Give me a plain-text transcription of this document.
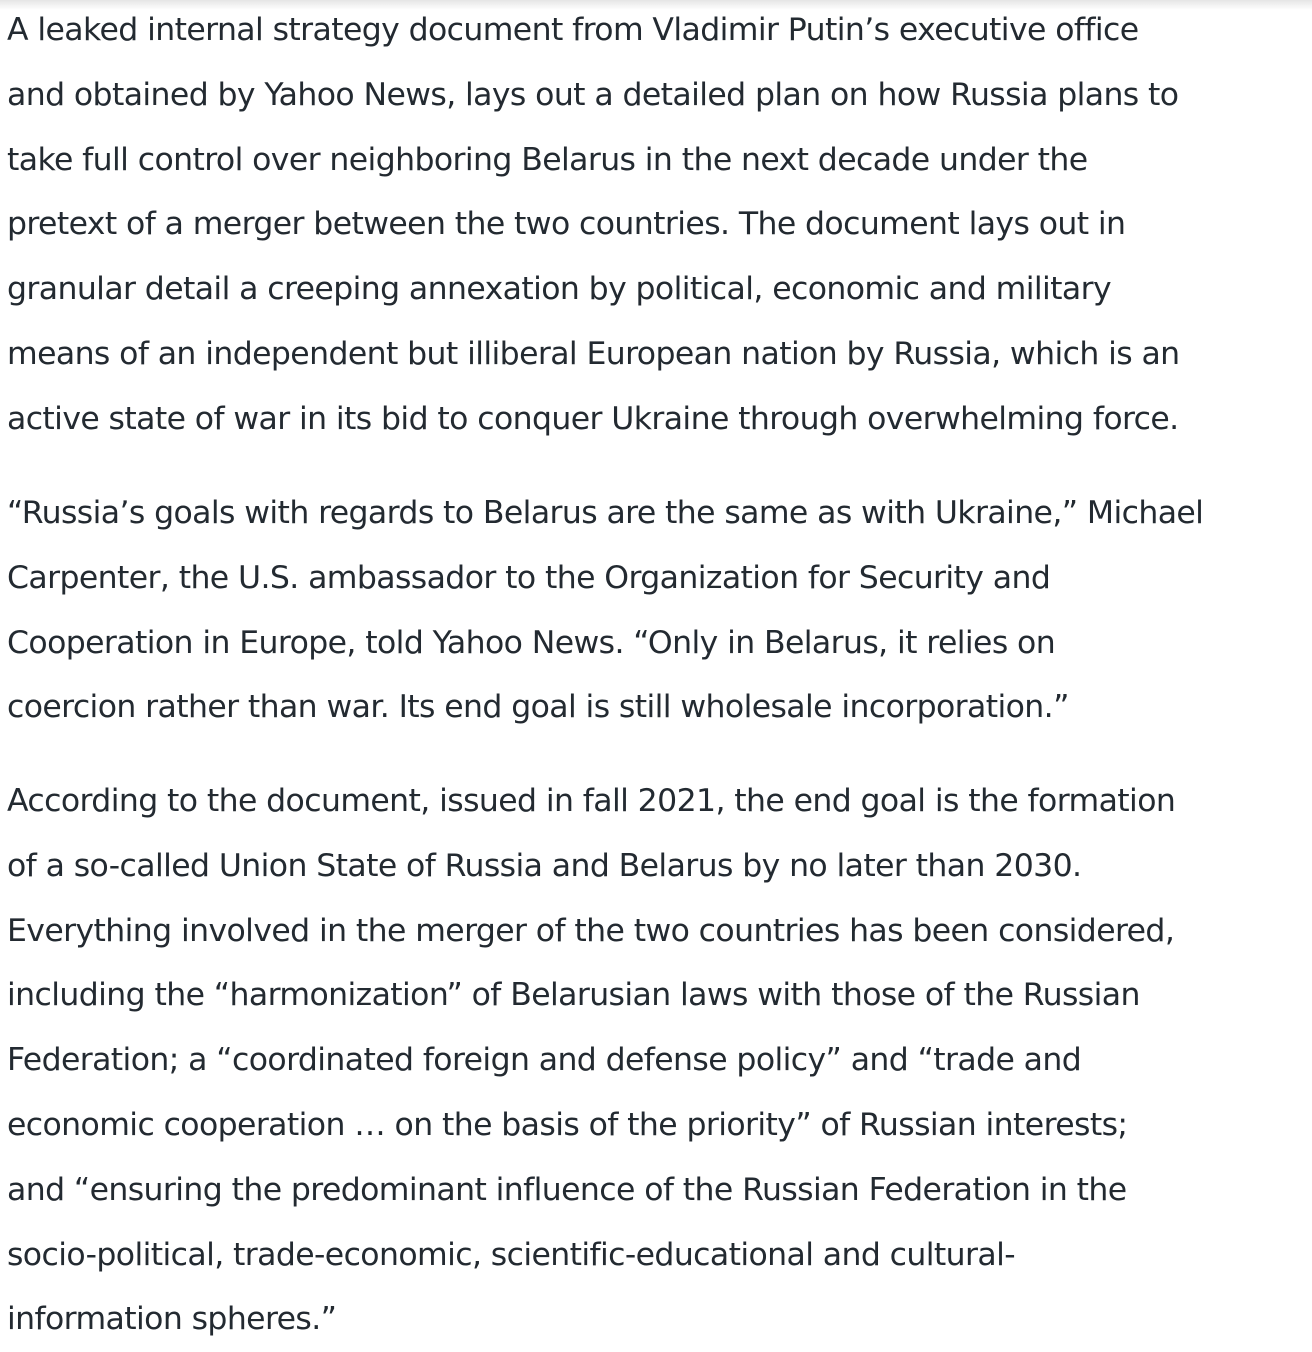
A leaked internal strategy document from Vladimir Putin’s executive office
and obtained by Yahoo News, lays out a detailed plan on how Russia plans to
take full control over neighboring Belarus in the next decade under the
pretext of a merger between the two countries. The document lays out in
granular detail a creeping annexation by political, economic and military
means of an independent but illiberal European nation by Russia, which is an
active state of war in its bid to conquer Ukraine through overwhelming force.

“Russia’s goals with regards to Belarus are the same as with Ukraine,” Michael
Carpenter, the U.S. ambassador to the Organization for Security and
Cooperation in Europe, told Yahoo News. “Only in Belarus, it relies on
coercion rather than war. Its end goal is still wholesale incorporation.”

According to the document, issued in fall 2021, the end goal is the formation
of a so-called Union State of Russia and Belarus by no later than 2030.
Everything involved in the merger of the two countries has been considered,
including the “harmonization” of Belarusian laws with those of the Russian
Federation; a “coordinated foreign and defense policy” and “trade and
economic cooperation … on the basis of the priority” of Russian interests;
and “ensuring the predominant influence of the Russian Federation in the
socio-political, trade-economic, scientific-educational and cultural-
information spheres.”
